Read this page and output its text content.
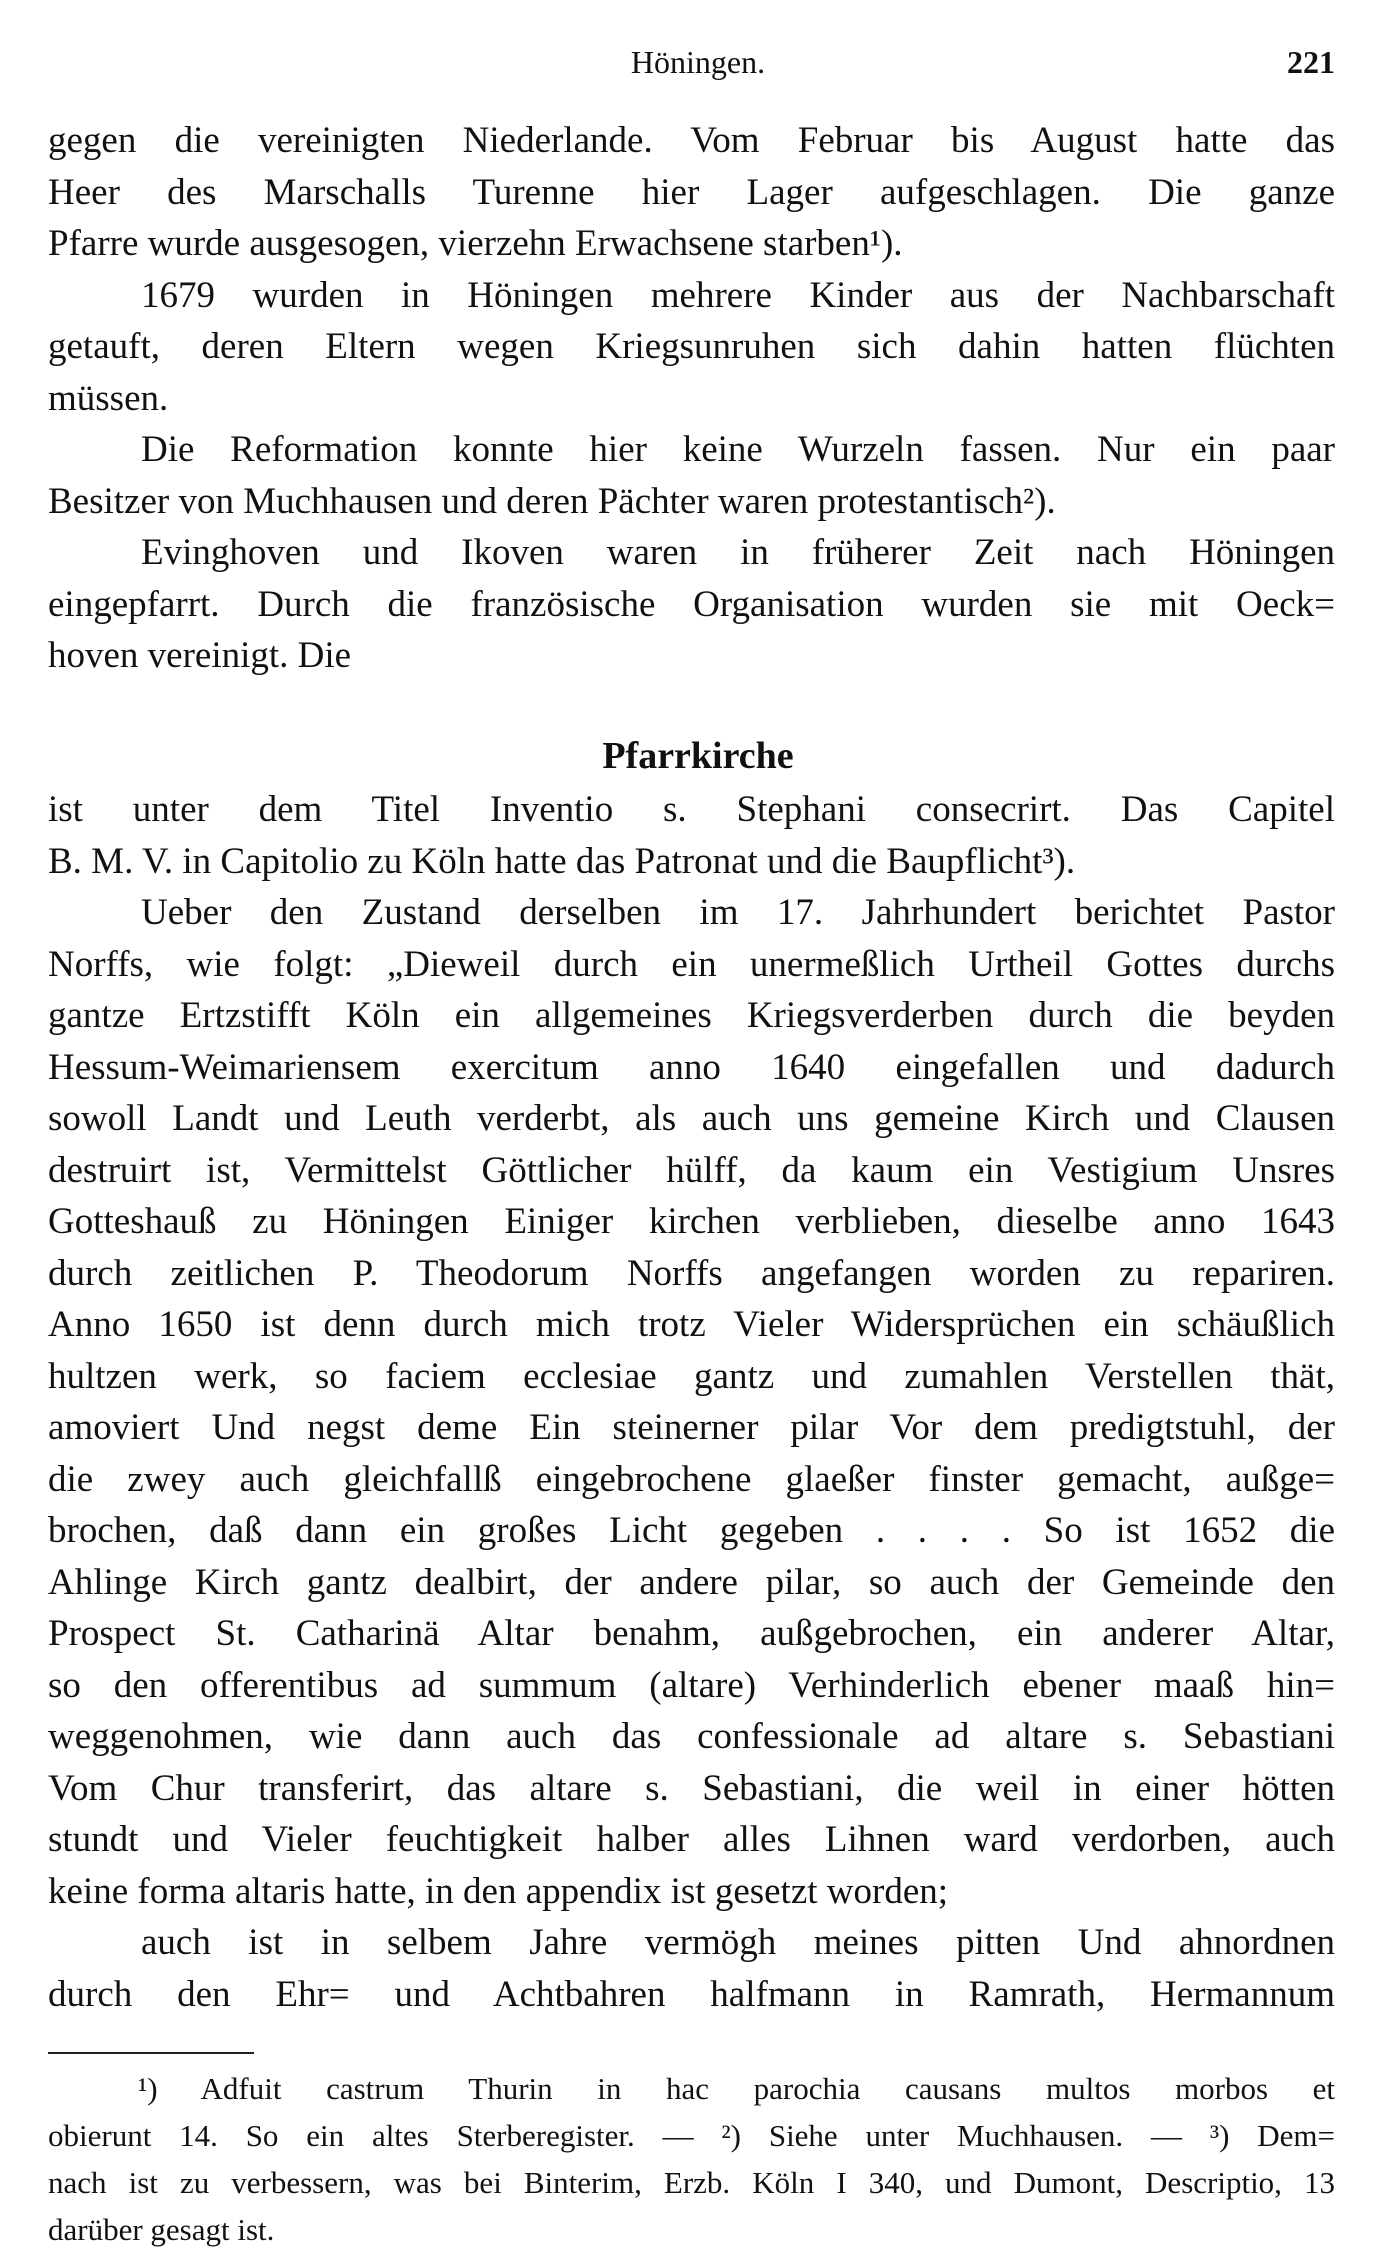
Höningen.	221
gegen die vereinigten Niederlande. Vom Februar bis August hatte das
Heer des Marschalls Turenne hier Lager aufgeschlagen. Die ganze
Pfarre wurde ausgesogen, vierzehn Erwachsene starben¹).
1679 wurden in Höningen mehrere Kinder aus der Nachbarschaft
getauft, deren Eltern wegen Kriegsunruhen sich dahin hatten flüchten
müssen.
Die Reformation konnte hier keine Wurzeln fassen. Nur ein paar
Besitzer von Muchhausen und deren Pächter waren protestantisch²).
Evinghoven und Ikoven waren in früherer Zeit nach Höningen
eingepfarrt. Durch die französische Organisation wurden sie mit Oeck=
hoven vereinigt. Die
Pfarrkirche
ist unter dem Titel Inventio s. Stephani consecrirt. Das Capitel
B. M. V. in Capitolio zu Köln hatte das Patronat und die Baupflicht³).
Ueber den Zustand derselben im 17. Jahrhundert berichtet Pastor
Norffs, wie folgt: „Dieweil durch ein unermeßlich Urtheil Gottes durchs
gantze Ertzstifft Köln ein allgemeines Kriegsverderben durch die beyden
Hessum-Weimariensem exercitum anno 1640 eingefallen und dadurch
sowoll Landt und Leuth verderbt, als auch uns gemeine Kirch und Clausen
destruirt ist, Vermittelst Göttlicher hülff, da kaum ein Vestigium Unsres
Gotteshauß zu Höningen Einiger kirchen verblieben, dieselbe anno 1643
durch zeitlichen P. Theodorum Norffs angefangen worden zu repariren.
Anno 1650 ist denn durch mich trotz Vieler Widersprüchen ein schäußlich
hultzen werk, so faciem ecclesiae gantz und zumahlen Verstellen thät,
amoviert Und negst deme Ein steinerner pilar Vor dem predigtstuhl, der
die zwey auch gleichfallß eingebrochene glaeßer finster gemacht, außge=
brochen, daß dann ein großes Licht gegeben . . . . So ist 1652 die
Ahlinge Kirch gantz dealbirt, der andere pilar, so auch der Gemeinde den
Prospect St. Catharinä Altar benahm, außgebrochen, ein anderer Altar,
so den offerentibus ad summum (altare) Verhinderlich ebener maaß hin=
weggenohmen, wie dann auch das confessionale ad altare s. Sebastiani
Vom Chur transferirt, das altare s. Sebastiani, die weil in einer hötten
stundt und Vieler feuchtigkeit halber alles Lihnen ward verdorben, auch
keine forma altaris hatte, in den appendix ist gesetzt worden;
auch ist in selbem Jahre vermögh meines pitten Und ahnordnen
durch den Ehr= und Achtbahren halfmann in Ramrath, Hermannum
¹) Adfuit castrum Thurin in hac parochia causans multos morbos et
obierunt 14. So ein altes Sterberegister. — ²) Siehe unter Muchhausen. — ³) Dem=
nach ist zu verbessern, was bei Binterim, Erzb. Köln I 340, und Dumont, Descriptio, 13
darüber gesagt ist.
